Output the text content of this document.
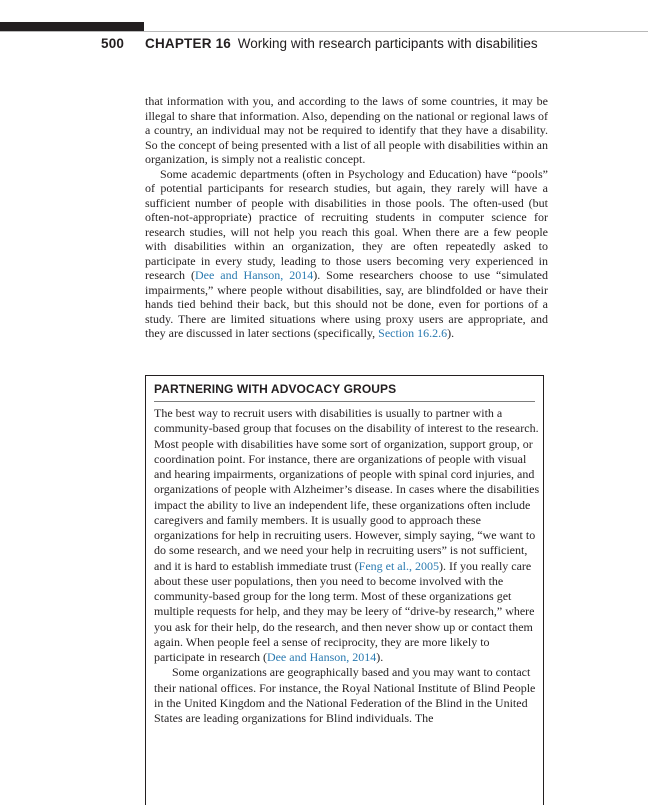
500 CHAPTER 16 Working with research participants with disabilities

that information with you, and according to the laws of some countries, it may be illegal to share that information. Also, depending on the national or regional laws of a country, an individual may not be required to identify that they have a disability. So the concept of being presented with a list of all people with disabilities within an organization, is simply not a realistic concept.

Some academic departments (often in Psychology and Education) have “pools” of potential participants for research studies, but again, they rarely will have a sufficient number of people with disabilities in those pools. The often-used (but often-not-appropriate) practice of recruiting students in computer science for research studies, will not help you reach this goal. When there are a few people with disabilities within an organization, they are often repeatedly asked to participate in every study, leading to those users becoming very experienced in research (Dee and Hanson, 2014). Some researchers choose to use “simulated impairments,” where people without disabilities, say, are blindfolded or have their hands tied behind their back, but this should not be done, even for portions of a study. There are limited situations where using proxy users are appropriate, and they are discussed in later sections (specifically, Section 16.2.6).

PARTNERING WITH ADVOCACY GROUPS

The best way to recruit users with disabilities is usually to partner with a community-based group that focuses on the disability of interest to the research. Most people with disabilities have some sort of organization, support group, or coordination point. For instance, there are organizations of people with visual and hearing impairments, organizations of people with spinal cord injuries, and organizations of people with Alzheimer’s disease. In cases where the disabilities impact the ability to live an independent life, these organizations often include caregivers and family members. It is usually good to approach these organizations for help in recruiting users. However, simply saying, “we want to do some research, and we need your help in recruiting users” is not sufficient, and it is hard to establish immediate trust (Feng et al., 2005). If you really care about these user populations, then you need to become involved with the community-based group for the long term. Most of these organizations get multiple requests for help, and they may be leery of “drive-by research,” where you ask for their help, do the research, and then never show up or contact them again. When people feel a sense of reciprocity, they are more likely to participate in research (Dee and Hanson, 2014).

Some organizations are geographically based and you may want to contact their national offices. For instance, the Royal National Institute of Blind People in the United Kingdom and the National Federation of the Blind in the United States are leading organizations for Blind individuals. The
